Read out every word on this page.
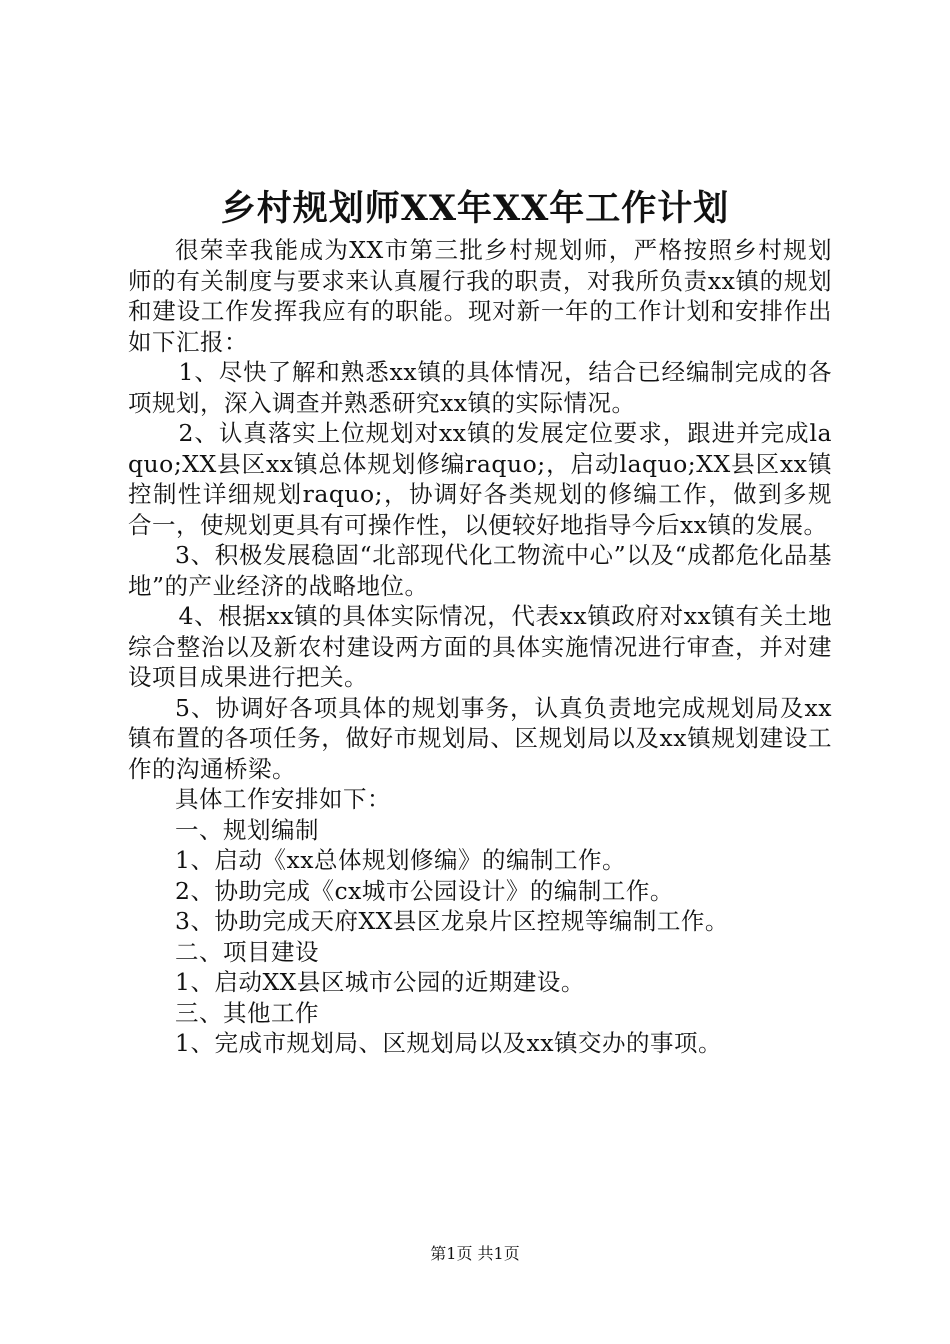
乡村规划师XX年XX年工作计划

很荣幸我能成为XX市第三批乡村规划师，严格按照乡村规划师的有关制度与要求来认真履行我的职责，对我所负责xx镇的规划和建设工作发挥我应有的职能。现对新一年的工作计划和安排作出如下汇报：

1、尽快了解和熟悉xx镇的具体情况，结合已经编制完成的各项规划，深入调查并熟悉研究xx镇的实际情况。

2、认真落实上位规划对xx镇的发展定位要求，跟进并完成laquo;XX县区xx镇总体规划修编raquo;，启动laquo;XX县区xx镇控制性详细规划raquo;，协调好各类规划的修编工作，做到多规合一，使规划更具有可操作性，以便较好地指导今后xx镇的发展。

3、积极发展稳固“北部现代化工物流中心”以及“成都危化品基地”的产业经济的战略地位。

4、根据xx镇的具体实际情况，代表xx镇政府对xx镇有关土地综合整治以及新农村建设两方面的具体实施情况进行审查，并对建设项目成果进行把关。

5、协调好各项具体的规划事务，认真负责地完成规划局及xx镇布置的各项任务，做好市规划局、区规划局以及xx镇规划建设工作的沟通桥梁。

具体工作安排如下：

一、规划编制

1、启动《xx总体规划修编》的编制工作。

2、协助完成《cx城市公园设计》的编制工作。

3、协助完成天府XX县区龙泉片区控规等编制工作。

二、项目建设

1、启动XX县区城市公园的近期建设。

三、其他工作

1、完成市规划局、区规划局以及xx镇交办的事项。

第1页 共1页
